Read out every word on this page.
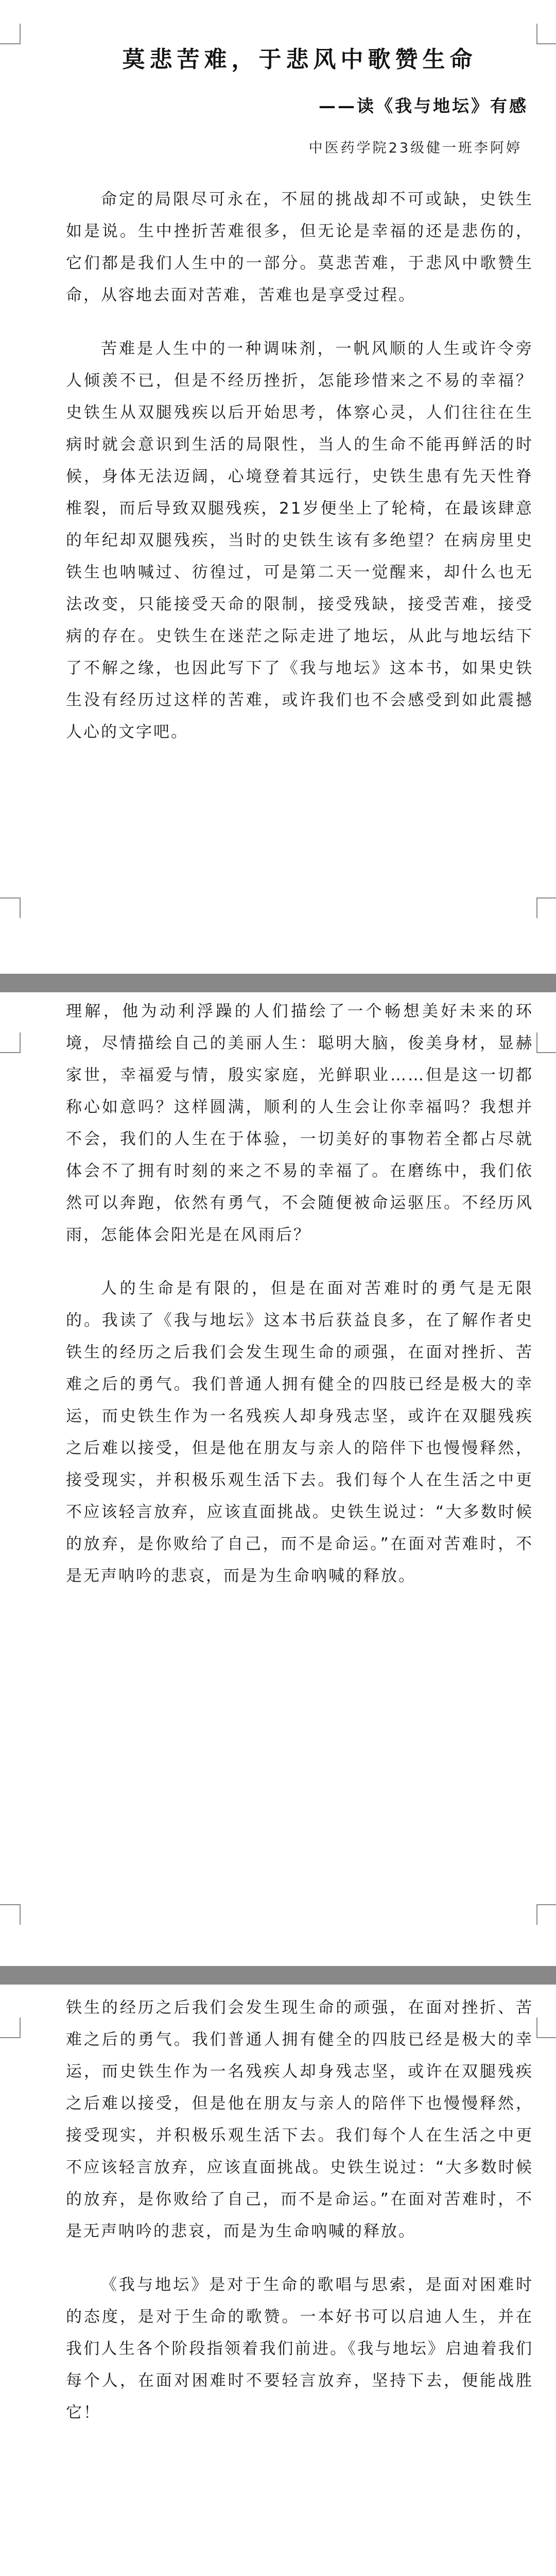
莫悲苦难，于悲风中歌赞生命
——读《我与地坛》有感
中医药学院23级健一班李阿婷

命定的局限尽可永在，不屈的挑战却不可或缺，史铁生如是说。生中挫折苦难很多，但无论是幸福的还是悲伤的，它们都是我们人生中的一部分。莫悲苦难，于悲风中歌赞生命，从容地去面对苦难，苦难也是享受过程。

苦难是人生中的一种调味剂，一帆风顺的人生或许令旁人倾羡不已，但是不经历挫折，怎能珍惜来之不易的幸福？史铁生从双腿残疾以后开始思考，体察心灵，人们往往在生病时就会意识到生活的局限性，当人的生命不能再鲜活的时候，身体无法迈阔，心境登着其远行，史铁生患有先天性脊椎裂，而后导致双腿残疾，21岁便坐上了轮椅，在最该肆意的年纪却双腿残疾，当时的史铁生该有多绝望？在病房里史铁生也呐喊过、彷徨过，可是第二天一觉醒来，却什么也无法改变，只能接受天命的限制，接受残缺，接受苦难，接受病的存在。史铁生在迷茫之际走进了地坛，从此与地坛结下了不解之缘，也因此写下了《我与地坛》这本书，如果史铁生没有经历过这样的苦难，或许我们也不会感受到如此震撼人心的文字吧。

理解，他为动利浮躁的人们描绘了一个畅想美好未来的环境，尽情描绘自己的美丽人生：聪明大脑，俊美身材，显赫家世，幸福爱与情，殷实家庭，光鲜职业……但是这一切都称心如意吗？这样圆满，顺利的人生会让你幸福吗？我想并不会，我们的人生在于体验，一切美好的事物若全都占尽就体会不了拥有时刻的来之不易的幸福了。在磨练中，我们依然可以奔跑，依然有勇气，不会随便被命运驱压。不经历风雨，怎能体会阳光是在风雨后？

人的生命是有限的，但是在面对苦难时的勇气是无限的。我读了《我与地坛》这本书后获益良多，在了解作者史铁生的经历之后我们会发生现生命的顽强，在面对挫折、苦难之后的勇气。我们普通人拥有健全的四肢已经是极大的幸运，而史铁生作为一名残疾人却身残志坚，或许在双腿残疾之后难以接受，但是他在朋友与亲人的陪伴下也慢慢释然，接受现实，并积极乐观生活下去。我们每个人在生活之中更不应该轻言放弃，应该直面挑战。史铁生说过：“大多数时候的放弃，是你败给了自己，而不是命运。”在面对苦难时，不是无声呐吟的悲哀，而是为生命吶喊的释放。

铁生的经历之后我们会发生现生命的顽强，在面对挫折、苦难之后的勇气。我们普通人拥有健全的四肢已经是极大的幸运，而史铁生作为一名残疾人却身残志坚，或许在双腿残疾之后难以接受，但是他在朋友与亲人的陪伴下也慢慢释然，接受现实，并积极乐观生活下去。我们每个人在生活之中更不应该轻言放弃，应该直面挑战。史铁生说过：“大多数时候的放弃，是你败给了自己，而不是命运。”在面对苦难时，不是无声呐吟的悲哀，而是为生命吶喊的释放。

《我与地坛》是对于生命的歌唱与思索，是面对困难时的态度，是对于生命的歌赞。一本好书可以启迪人生，并在我们人生各个阶段指领着我们前进。《我与地坛》启迪着我们每个人，在面对困难时不要轻言放弃，坚持下去，便能战胜它！
